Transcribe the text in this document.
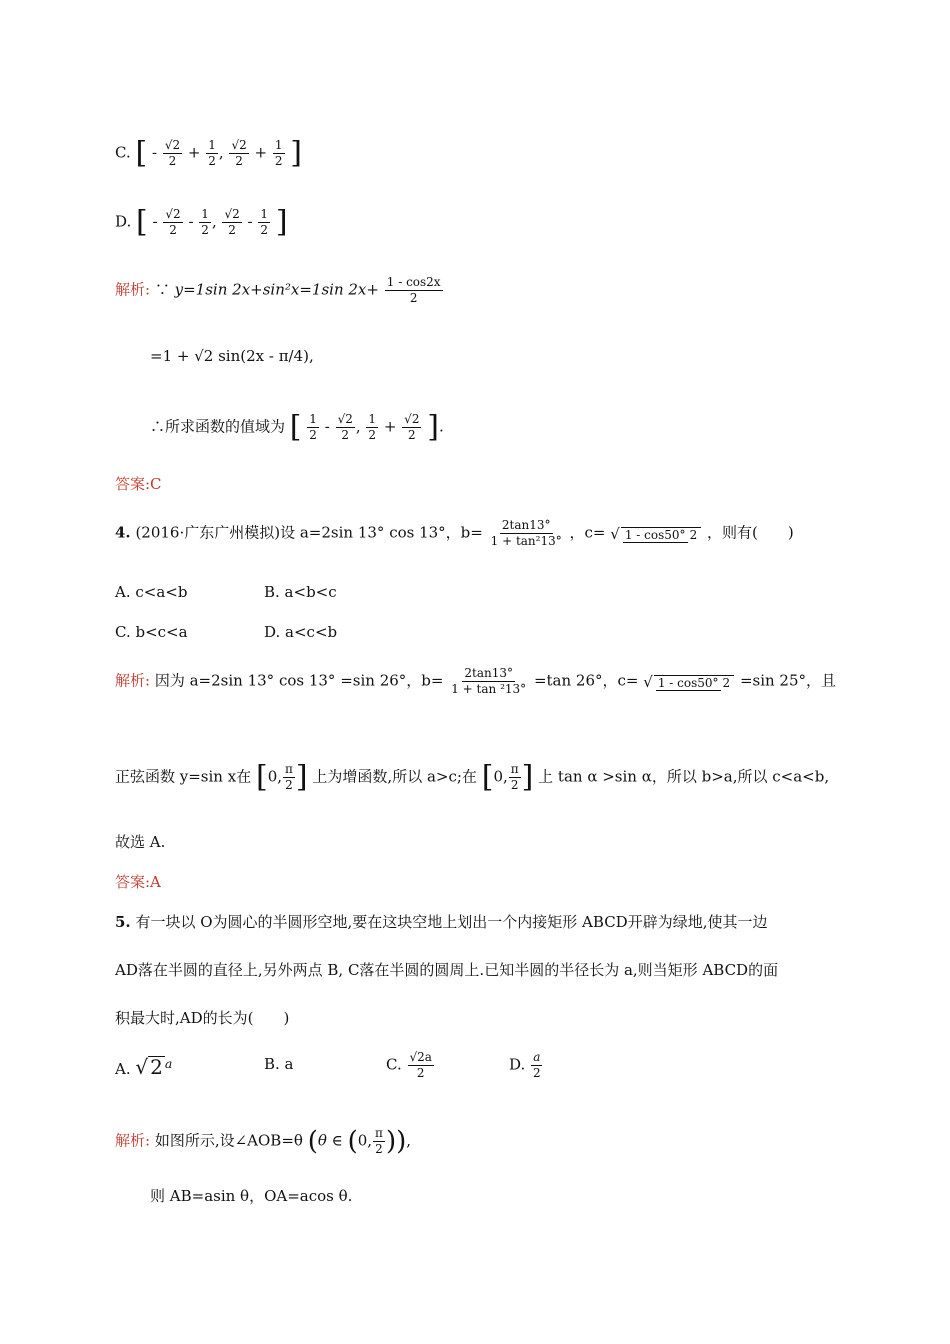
C. [ - $\frac{√2}{2} + \frac{1}{2}$ , $\frac{√2}{2} + \frac{1}{2}$ ]
D. [ - $\frac{√2}{2} - \frac{1}{2}$ , $\frac{√2}{2} - \frac{1}{2}$ ]
解析: ∵ y=1sin 2x+sin²x=1sin $2x+ \frac{1 - \cos 2x}{2}$
=1 + √2 sin(2x - π/4),
∴所求函数的值域为 [ $\frac{1}{2} - \frac{√2}{2}$ , $\frac{1}{2} + \frac{√2}{2}$ ].
答案:C
4. (2016·广东广州模拟)设 a=2sin 13° cos 13°，$b= \frac{2\tan 13^\circ}{\text{1 + tan²13°}}$ ，c= √ 1 - cos50° 2 ，则有(　　)
A. c<a<b	B. a<b<c
C. b<c<a	D. a<c<b
解析: 因为 a=2sin 13° cos 13° =sin 26°，$b= \frac{2\tan 13^\circ}{\text{1 + tan ²13°}} =\tan$ 26°，c= √ 1 - cos50° 2 =sin 25°，且
正弦函数 y=sin x在 [0, $\frac{\pi}{2}$ ] 上为增函数,所以 a>c;在 [0, $\frac{\pi}{2}$ ] 上 tan α >sin α，所以 b>a,所以 c<a<b,
故选 A.
答案:A
5. 有一块以 O为圆心的半圆形空地,要在这块空地上划出一个内接矩形 ABCD开辟为绿地,使其一边
AD落在半圆的直径上,另外两点 B, C落在半圆的圆周上.已知半圆的半径长为 a,则当矩形 ABCD的面
积最大时,AD的长为(　　)
A. √ 2 $^a$	B. a	C. $\frac{√2a}{2}$	D. $\frac{a}{2}$
解析: 如图所示,设∠AOB=θ (θ ∈ (0, $\frac{\pi}{2}$ )),
则 AB=asin θ，OA=acos θ.
